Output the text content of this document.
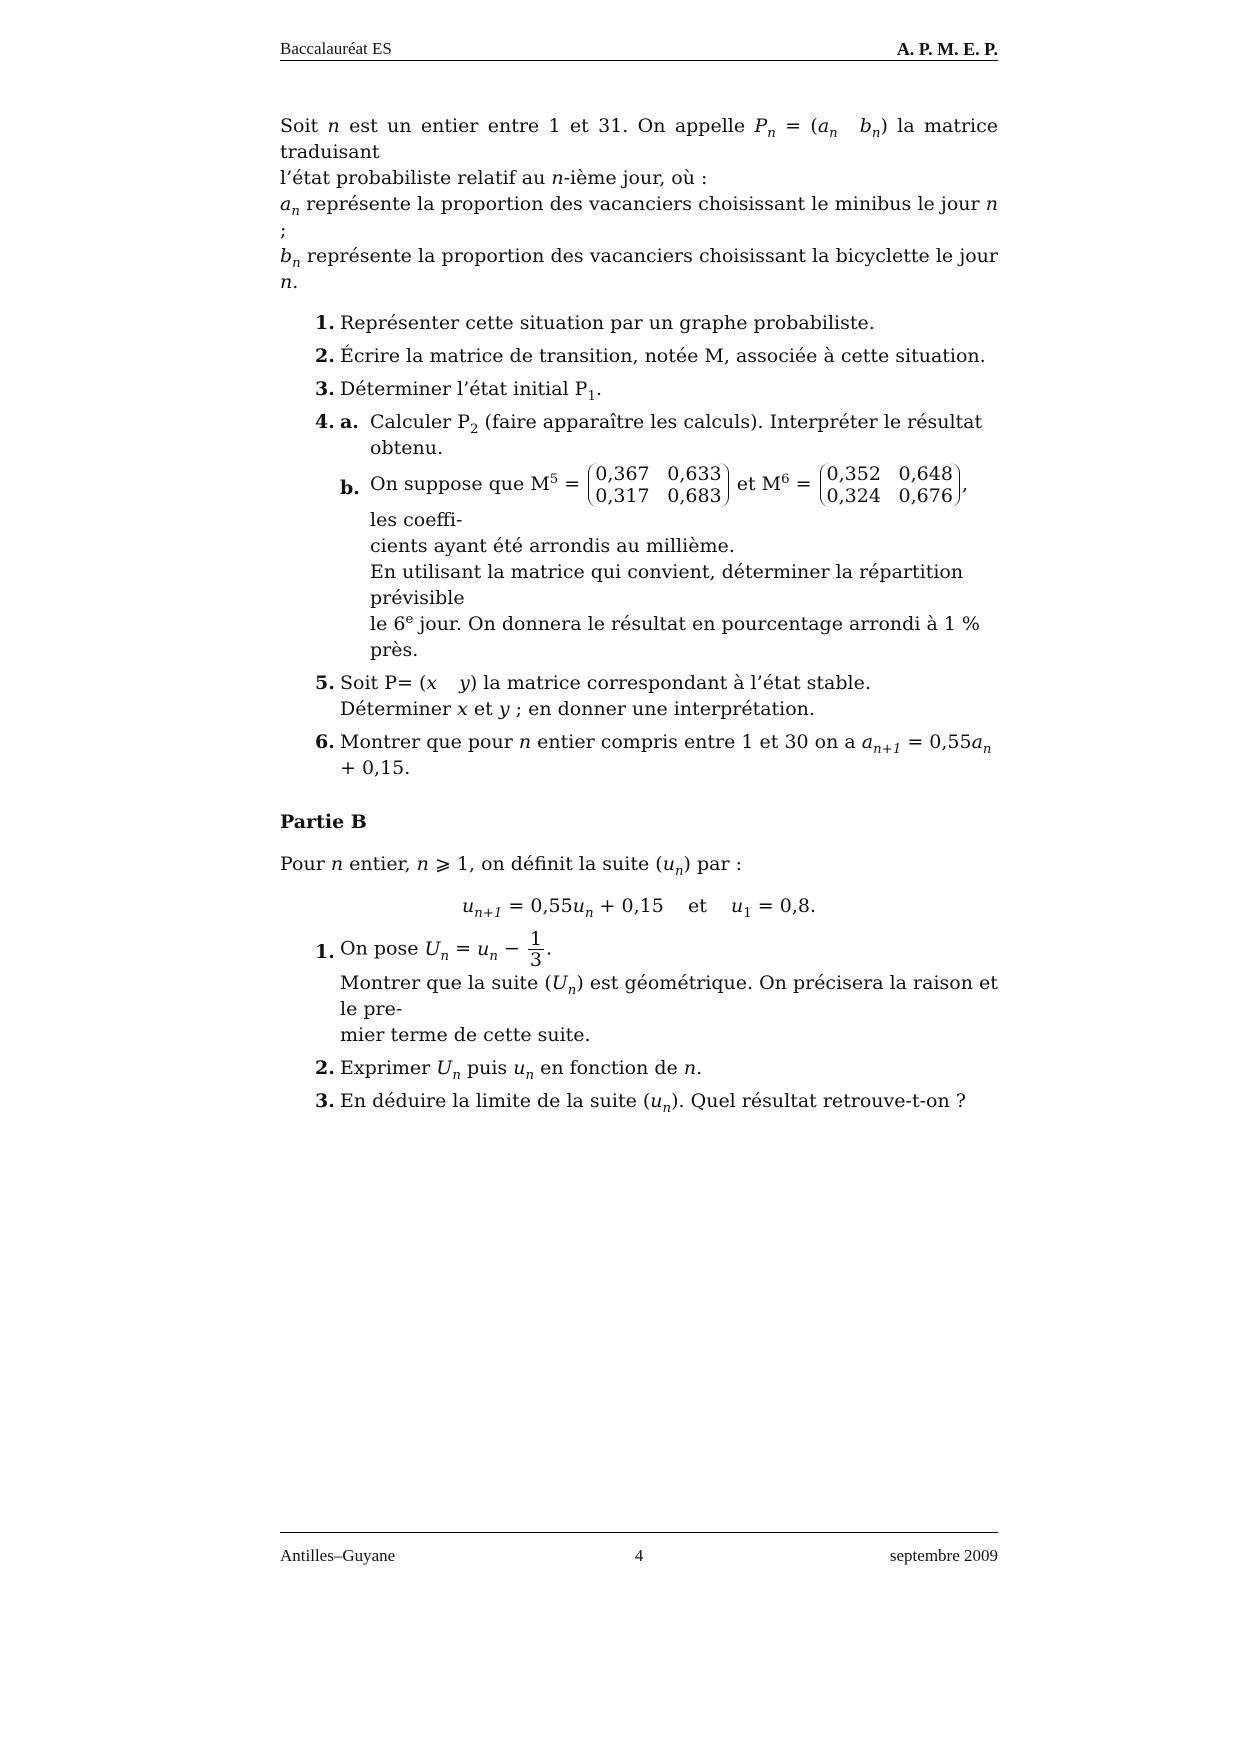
Baccalauréat ES	A. P. M. E. P.

Soit n est un entier entre 1 et 31. On appelle $P_n = (a_n$ $b_n$) la matrice traduisant
l’état probabiliste relatif au n-ième jour, où :
$a_n$ représente la proportion des vacanciers choisissant le minibus le jour n ;
$b_n$ représente la proportion des vacanciers choisissant la bicyclette le jour n.

1. Représenter cette situation par un graphe probabiliste.
2. Écrire la matrice de transition, notée M, associée à cette situation.
3. Déterminer l’état initial $P_1$.
4. a. Calculer $P_2$ (faire apparaître les calculs). Interpréter le résultat obtenu.
b. On suppose que $M^5 = 0,367$ 0,633
0,317 0,683
et $M^6 = 0,352$ 0,648
0,324 0,676
, les coeffi-
cients ayant été arrondis au millième.
En utilisant la matrice qui convient, déterminer la répartition prévisible
le 6e jour. On donnera le résultat en pourcentage arrondi à 1 % près.
5. Soit P= (x y) la matrice correspondant à l’état stable.
Déterminer x et y ; en donner une interprétation.
6. Montrer que pour n entier compris entre 1 et 30 on a $a_{n+1} = 0,55a_n + 0,15$.

Partie B

Pour n entier, n ⩾ 1, on définit la suite $(u_n)$ par :

$u_{n+1} = 0,55u_n + 0,15$    et $u_1 = 0,8$.

1. On pose $U_n = u_n - \frac{1}{3}$ .
Montrer que la suite $(U_n)$ est géométrique. On précisera la raison et le pre-
mier terme de cette suite.
2. Exprimer $U_n$ puis $u_n$ en fonction de n.
3. En déduire la limite de la suite $(u_n)$. Quel résultat retrouve-t-on ?
Antilles–Guyane	4	septembre 2009
